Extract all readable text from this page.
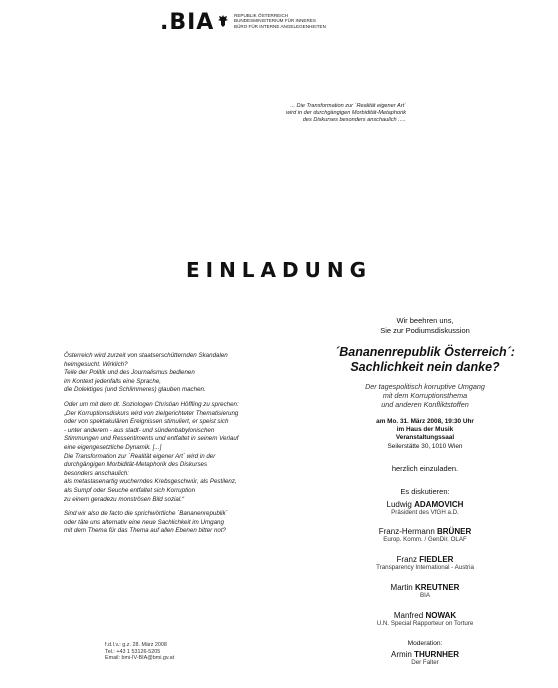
.BIA	REPUBLIK ÖSTERREICH
BUNDESMINISTERIUM FÜR INNERES
BÜRO FÜR INTERNE ANGELEGENHEITEN
... Die Transformation zur ´Realität eigener Art´
wird in der durchgängigen Morbidität-Metaphorik
des Diskurses besonders anschaulich .....
EINLADUNG

Österreich wird zurzeit von staatserschütternden Skandalen
heimgesucht. Wirklich?
Teile der Politik und des Journalismus bedienen
im Kontext jedenfalls eine Sprache,
die Dolektiges (und Schlimmeres) glauben machen.

Oder um mit dem dt. Soziologen Christian Höffling zu sprechen:
„Der Korruptionsdiskurs wird von zielgerichteter Thematisierung
oder von spektakulären Ereignissen stimuliert, er speist sich
- unter anderem - aus stadt- und sündenbabylonischen
Stimmungen und Ressentiments und entfaltet in seinem Verlauf
eine eigengesetzliche Dynamik. [...]
Die Transformation zur ´Realität eigener Art´ wird in der
durchgängigen Morbidität-Metaphorik des Diskurses
besonders anschaulich:
als metastasenartig wucherndes Krebsgeschwür, als Pestilenz,
als Sumpf oder Seuche entfaltet sich Korruption
zu einem geradezu monströsen Bild sozial.“

Sind wir also de facto die sprichwörtliche ´Bananenrepublik´
oder täte uns alternativ eine neue Sachlichkeit im Umgang
mit dem Thema für das Thema auf allen Ebenen bitter not?

f.d.I.v.: g.z. 28. März 2008
Tel.: +43 1 53126-5205
Email: bmi-IV-BIA@bmi.gv.at
Wir beehren uns,
Sie zur Podiumsdiskussion
´Bananenrepublik Österreich´:
Sachlichkeit nein danke?
Der tagespolitisch korruptive Umgang
mit dem Korruptionsthema
und anderen Konfliktstoffen
am Mo. 31. März 2008, 19:30 Uhr
im Haus der Musik
Veranstaltungssaal
Seilerstätte 30, 1010 Wien
herzlich einzuladen.
Es diskutieren:
Ludwig ADAMOVICH
Präsident des VfGH a.D.
Franz-Hermann BRÜNER
Europ. Komm. / GenDir. OLAF
Franz FIEDLER
Transparency International - Austria
Martin KREUTNER
BIA
Manfred NOWAK
U.N. Special Rapporteur on Torture
Moderation:
Armin THURNHER
Der Falter
